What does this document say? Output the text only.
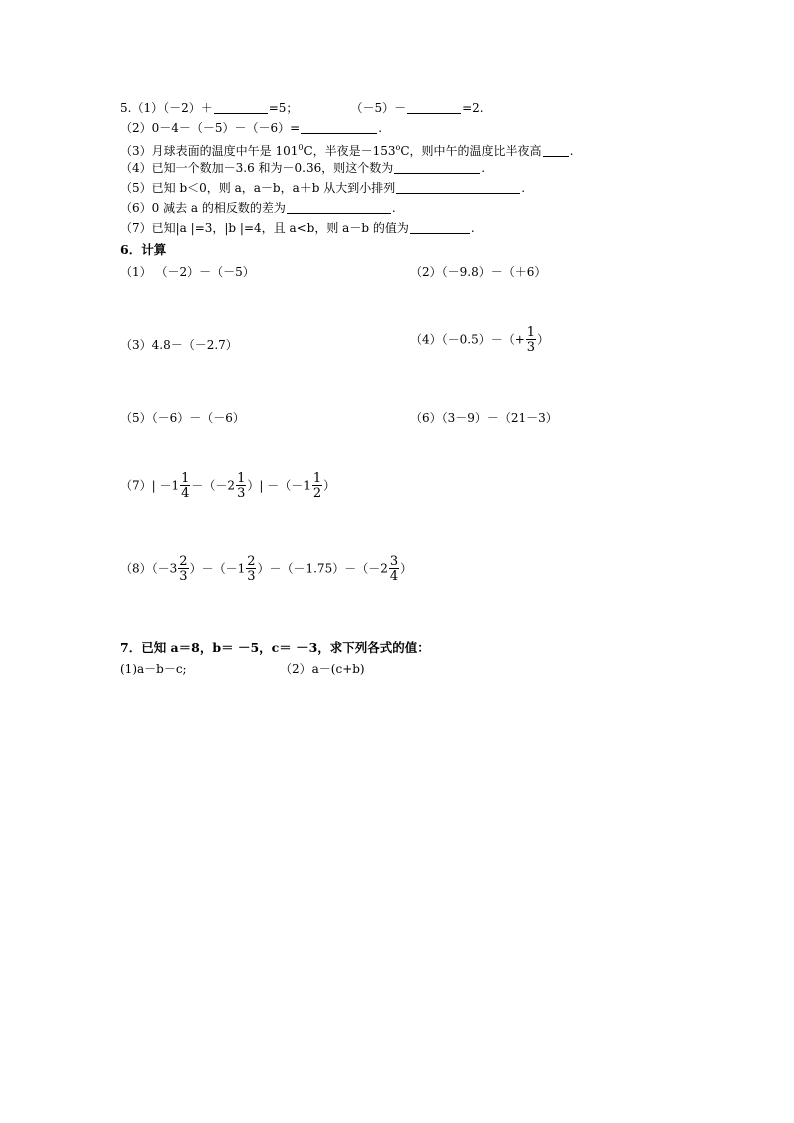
5.（1）（－2）＋	=5；	（－5）－	=2.
（2）0－4－（－5）－（－6）=	.
（3）月球表面的温度中午是 $101^0C$，半夜是$-153^oC$，则中午的温度比半夜高 .
（4）已知一个数加－3.6 和为－0.36，则这个数为	.
（5）已知 b＜0，则 a，a－b，a＋b 从大到小排列	.
（6）0 减去 a 的相反数的差为	.
（7）已知|a |=3，|b |=4，且 a<b，则 a－b 的值为	.
6．计算
（1） （－2）－（－5）	（2）（－9.8）－（＋6）
（3）4.8－（－2.7）	$(4)(-0.5)-(+ \frac{1}{3}$ ）
（5）（－6）－（－6）	（6）（3－9）－（21－3）
$(7)| -1 \frac{1}{4} -(-2 \frac{1}{3}$ ）| $-(-1 \frac{1}{2}$ ）
$(8)(-3 \frac{2}{3} )-(-1 \frac{2}{3} )-(-1.75)-(-2 \frac{3}{4}$ ）
7．已知 a＝8，b＝ －5，c＝ －3，求下列各式的值：
(1)a－b－c;	（2）a－(c+b)
